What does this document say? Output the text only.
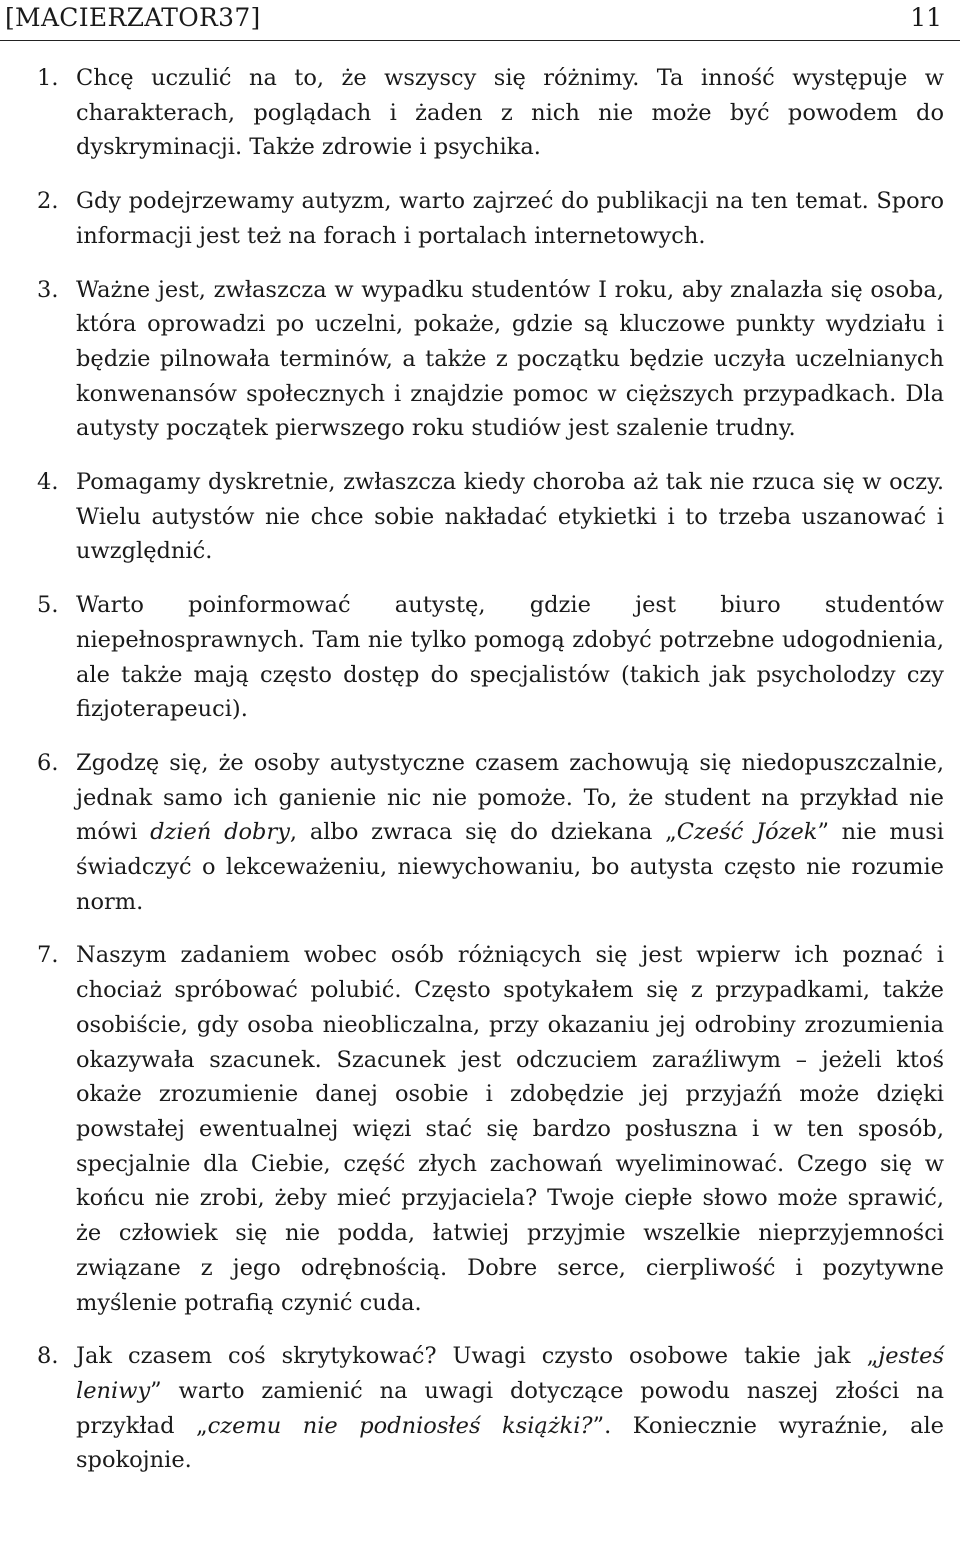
[MACIERZATOR37]	11
1. Chcę uczulić na to, że wszyscy się różnimy. Ta inność występuje w charakterach, poglądach i żaden z nich nie może być powodem do dyskryminacji. Także zdrowie i psychika.
2. Gdy podejrzewamy autyzm, warto zajrzeć do publikacji na ten temat. Sporo informacji jest też na forach i portalach internetowych.
3. Ważne jest, zwłaszcza w wypadku studentów I roku, aby znalazła się osoba, która oprowadzi po uczelni, pokaże, gdzie są kluczowe punkty wydziału i będzie pilnowała terminów, a także z początku będzie uczyła uczelnianych konwenansów społecznych i znajdzie pomoc w cięższych przypadkach. Dla autysty początek pierwszego roku studiów jest szalenie trudny.
4. Pomagamy dyskretnie, zwłaszcza kiedy choroba aż tak nie rzuca się w oczy. Wielu autystów nie chce sobie nakładać etykietki i to trzeba uszanować i uwzględnić.
5. Warto poinformować autystę, gdzie jest biuro studentów niepełnosprawnych. Tam nie tylko pomogą zdobyć potrzebne udogodnienia, ale także mają często dostęp do specjalistów (takich jak psycholodzy czy fizjoterapeuci).
6. Zgodzę się, że osoby autystyczne czasem zachowują się niedopuszczalnie, jednak samo ich ganienie nic nie pomoże. To, że student na przykład nie mówi dzień dobry, albo zwraca się do dziekana „Cześć Józek” nie musi świadczyć o lekceważeniu, niewychowaniu, bo autysta często nie rozumie norm.
7. Naszym zadaniem wobec osób różniących się jest wpierw ich poznać i chociaż spróbować polubić. Często spotykałem się z przypadkami, także osobiście, gdy osoba nieobliczalna, przy okazaniu jej odrobiny zrozumienia okazywała szacunek. Szacunek jest odczuciem zaraźliwym – jeżeli ktoś okaże zrozumienie danej osobie i zdobędzie jej przyjaźń może dzięki powstałej ewentualnej więzi stać się bardzo posłuszna i w ten sposób, specjalnie dla Ciebie, część złych zachowań wyeliminować. Czego się w końcu nie zrobi, żeby mieć przyjaciela? Twoje ciepłe słowo może sprawić, że człowiek się nie podda, łatwiej przyjmie wszelkie nieprzyjemności związane z jego odrębnością. Dobre serce, cierpliwość i pozytywne myślenie potrafią czynić cuda.
8. Jak czasem coś skrytykować? Uwagi czysto osobowe takie jak „jesteś leniwy” warto zamienić na uwagi dotyczące powodu naszej złości na przykład „czemu nie podniosłeś książki?”. Koniecznie wyraźnie, ale spokojnie.
